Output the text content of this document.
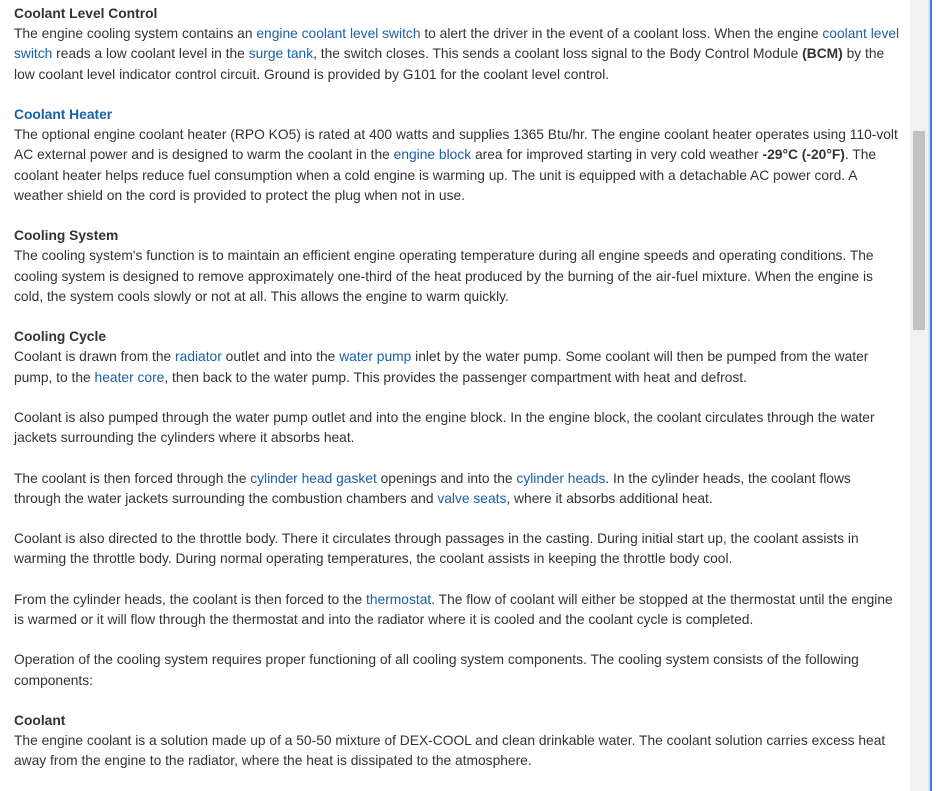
Coolant Level Control
The engine cooling system contains an engine coolant level switch to alert the driver in the event of a coolant loss. When the engine coolant level switch reads a low coolant level in the surge tank, the switch closes. This sends a coolant loss signal to the Body Control Module (BCM) by the low coolant level indicator control circuit. Ground is provided by G101 for the coolant level control.
Coolant Heater
The optional engine coolant heater (RPO KO5) is rated at 400 watts and supplies 1365 Btu/hr. The engine coolant heater operates using 110-volt AC external power and is designed to warm the coolant in the engine block area for improved starting in very cold weather -29°C (-20°F). The coolant heater helps reduce fuel consumption when a cold engine is warming up. The unit is equipped with a detachable AC power cord. A weather shield on the cord is provided to protect the plug when not in use.
Cooling System
The cooling system's function is to maintain an efficient engine operating temperature during all engine speeds and operating conditions. The cooling system is designed to remove approximately one-third of the heat produced by the burning of the air-fuel mixture. When the engine is cold, the system cools slowly or not at all. This allows the engine to warm quickly.
Cooling Cycle
Coolant is drawn from the radiator outlet and into the water pump inlet by the water pump. Some coolant will then be pumped from the water pump, to the heater core, then back to the water pump. This provides the passenger compartment with heat and defrost.
Coolant is also pumped through the water pump outlet and into the engine block. In the engine block, the coolant circulates through the water jackets surrounding the cylinders where it absorbs heat.
The coolant is then forced through the cylinder head gasket openings and into the cylinder heads. In the cylinder heads, the coolant flows through the water jackets surrounding the combustion chambers and valve seats, where it absorbs additional heat.
Coolant is also directed to the throttle body. There it circulates through passages in the casting. During initial start up, the coolant assists in warming the throttle body. During normal operating temperatures, the coolant assists in keeping the throttle body cool.
From the cylinder heads, the coolant is then forced to the thermostat. The flow of coolant will either be stopped at the thermostat until the engine is warmed or it will flow through the thermostat and into the radiator where it is cooled and the coolant cycle is completed.
Operation of the cooling system requires proper functioning of all cooling system components. The cooling system consists of the following components:
Coolant
The engine coolant is a solution made up of a 50-50 mixture of DEX-COOL and clean drinkable water. The coolant solution carries excess heat away from the engine to the radiator, where the heat is dissipated to the atmosphere.
